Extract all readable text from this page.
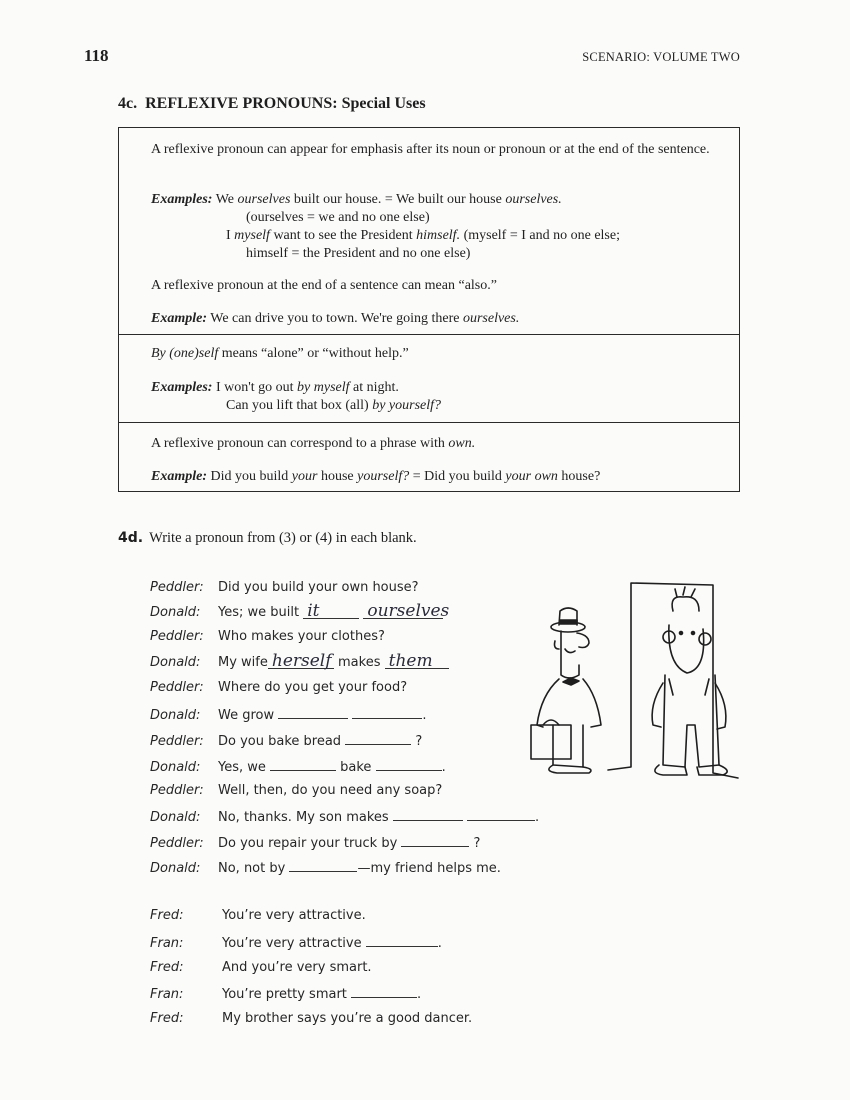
118	SCENARIO: VOLUME TWO
4c. REFLEXIVE PRONOUNS: Special Uses
A reflexive pronoun can appear for emphasis after its noun or pronoun or at the end of the sentence.
Examples: We ourselves built our house. = We built our house ourselves.
(ourselves = we and no one else)
I myself want to see the President himself. (myself = I and no one else;
himself = the President and no one else)
A reflexive pronoun at the end of a sentence can mean “also.”
Example: We can drive you to town. We're going there ourselves.
By (one)self means “alone” or “without help.”
Examples: I won't go out by myself at night.
Can you lift that box (all) by yourself?
A reflexive pronoun can correspond to a phrase with own.
Example: Did you build your house yourself? = Did you build your own house?
4d. Write a pronoun from (3) or (4) in each blank.
Peddler: Did you build your own house?
Donald: Yes; we built it	ourselves
Peddler: Who makes your clothes?
Donald: My wife herself makes them
Peddler: Where do you get your food?
Donald: We grow	.
Peddler: Do you bake bread	?
Donald: Yes, we	bake	.
Peddler: Well, then, do you need any soap?
Donald: No, thanks. My son makes	.
Peddler: Do you repair your truck by	?
Donald: No, not by	—my friend helps me.
Fred:	You’re very attractive.
Fran:	You’re very attractive	.
Fred:	And you’re very smart.
Fran:	You’re pretty smart	.
Fred:	My brother says you’re a good dancer.
